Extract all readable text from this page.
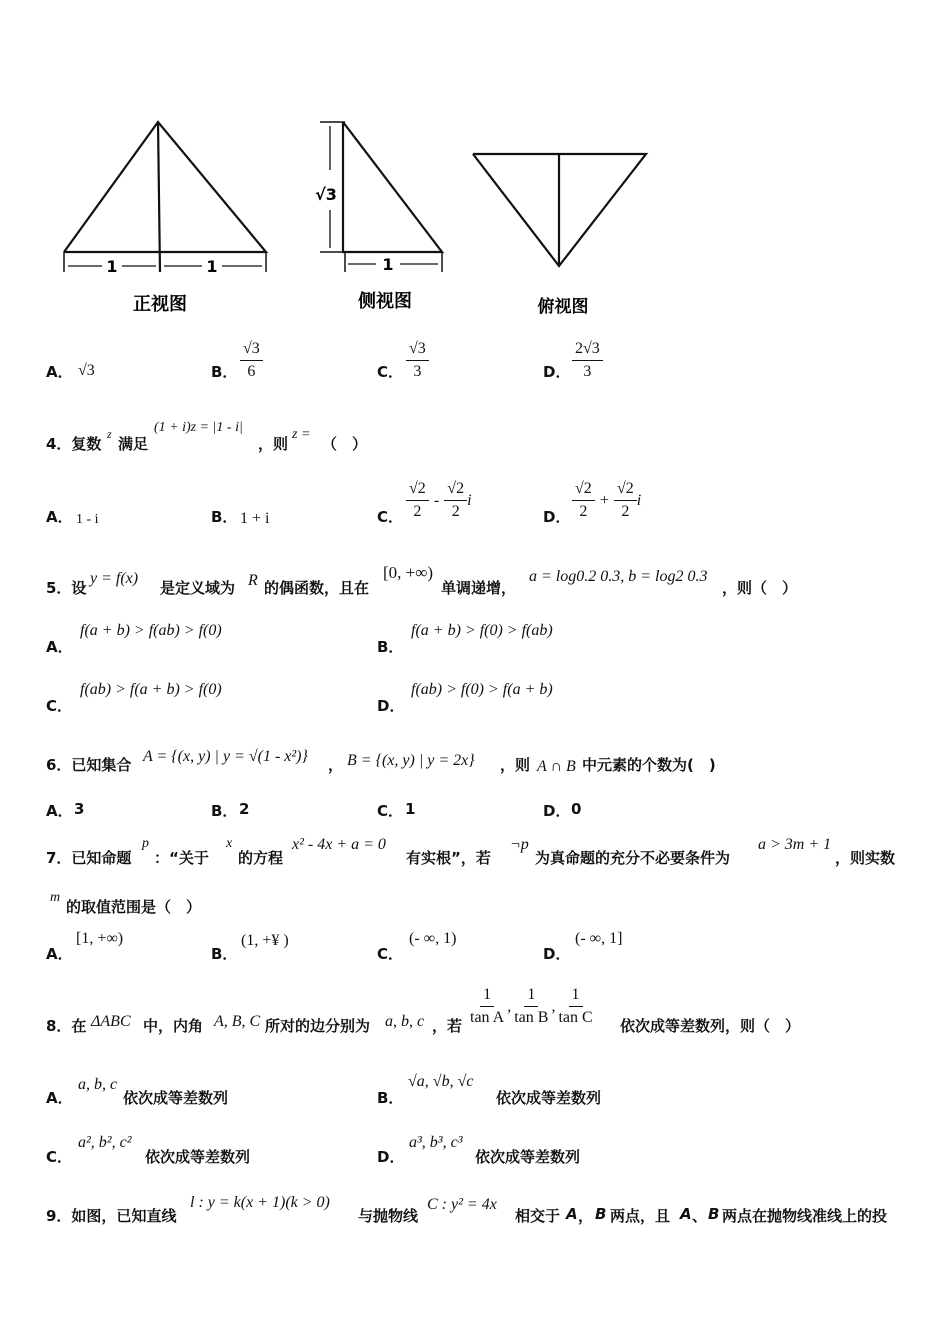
1	1
√3
1
正视图	侧视图	俯视图
A． √3	B． $\frac{√3}{6}$	C． $\frac{√3}{3}$	D． $\frac{2√3}{3}$
4．复数
z
满足
(1 + i)z = |1 - i|
，则
z =
（　）
A． 1 - i	B． 1 + i	C． $\frac{√2}{2} - \frac{√2}{2}$ i
D． $\frac{√2}{2} + \frac{√2}{2}$ i
5．设
y = f(x)
是定义域为 R 的偶函数，且在
[0, +∞)
单调递增，
a = log0.2 0.3, b = log2 0.3
，则（　）
A．
f(a + b) > f(ab) > f(0)
B．
f(a + b) > f(0) > f(ab)
C．
f(ab) > f(a + b) > f(0)
D．
f(ab) > f(0) > f(a + b)
6．已知集合 A = {(x, y) | y = √(1 - x²)} ， B = {(x, y) | y = 2x} ，则 A ∩ B 中元素的个数为(　)
A． 3	B． 2	C． 1	D． 0
7．已知命题
p
：“关于
x
的方程
x² - 4x + a = 0
有实根”，若
¬p
为真命题的充分不必要条件为
a > 3m + 1
，则实数
m
的取值范围是（　）
A．
[1, +∞)
B．
(1, +¥ )
C．
(- ∞, 1)
D．
(- ∞, 1]
8．在 ΔABC 中，内角 A, B, C 所对的边分别为 a, b, c ，若 $\frac{1}{\text{tan A}}$ , $\frac{1}{\text{tan B}}$ , $\frac{1}{\text{tan C}}$ 依次成等差数列，则（　）
A．
a, b, c
依次成等差数列	B．
√a, √b, √c
依次成等差数列
C．
a², b², c²
依次成等差数列	D．
a³, b³, c³
依次成等差数列
9．如图，已知直线
l : y = k(x + 1)(k > 0)
与抛物线
C : y² = 4x
相交于 A ， B 两点，且 A 、 B 两点在抛物线准线上的投
